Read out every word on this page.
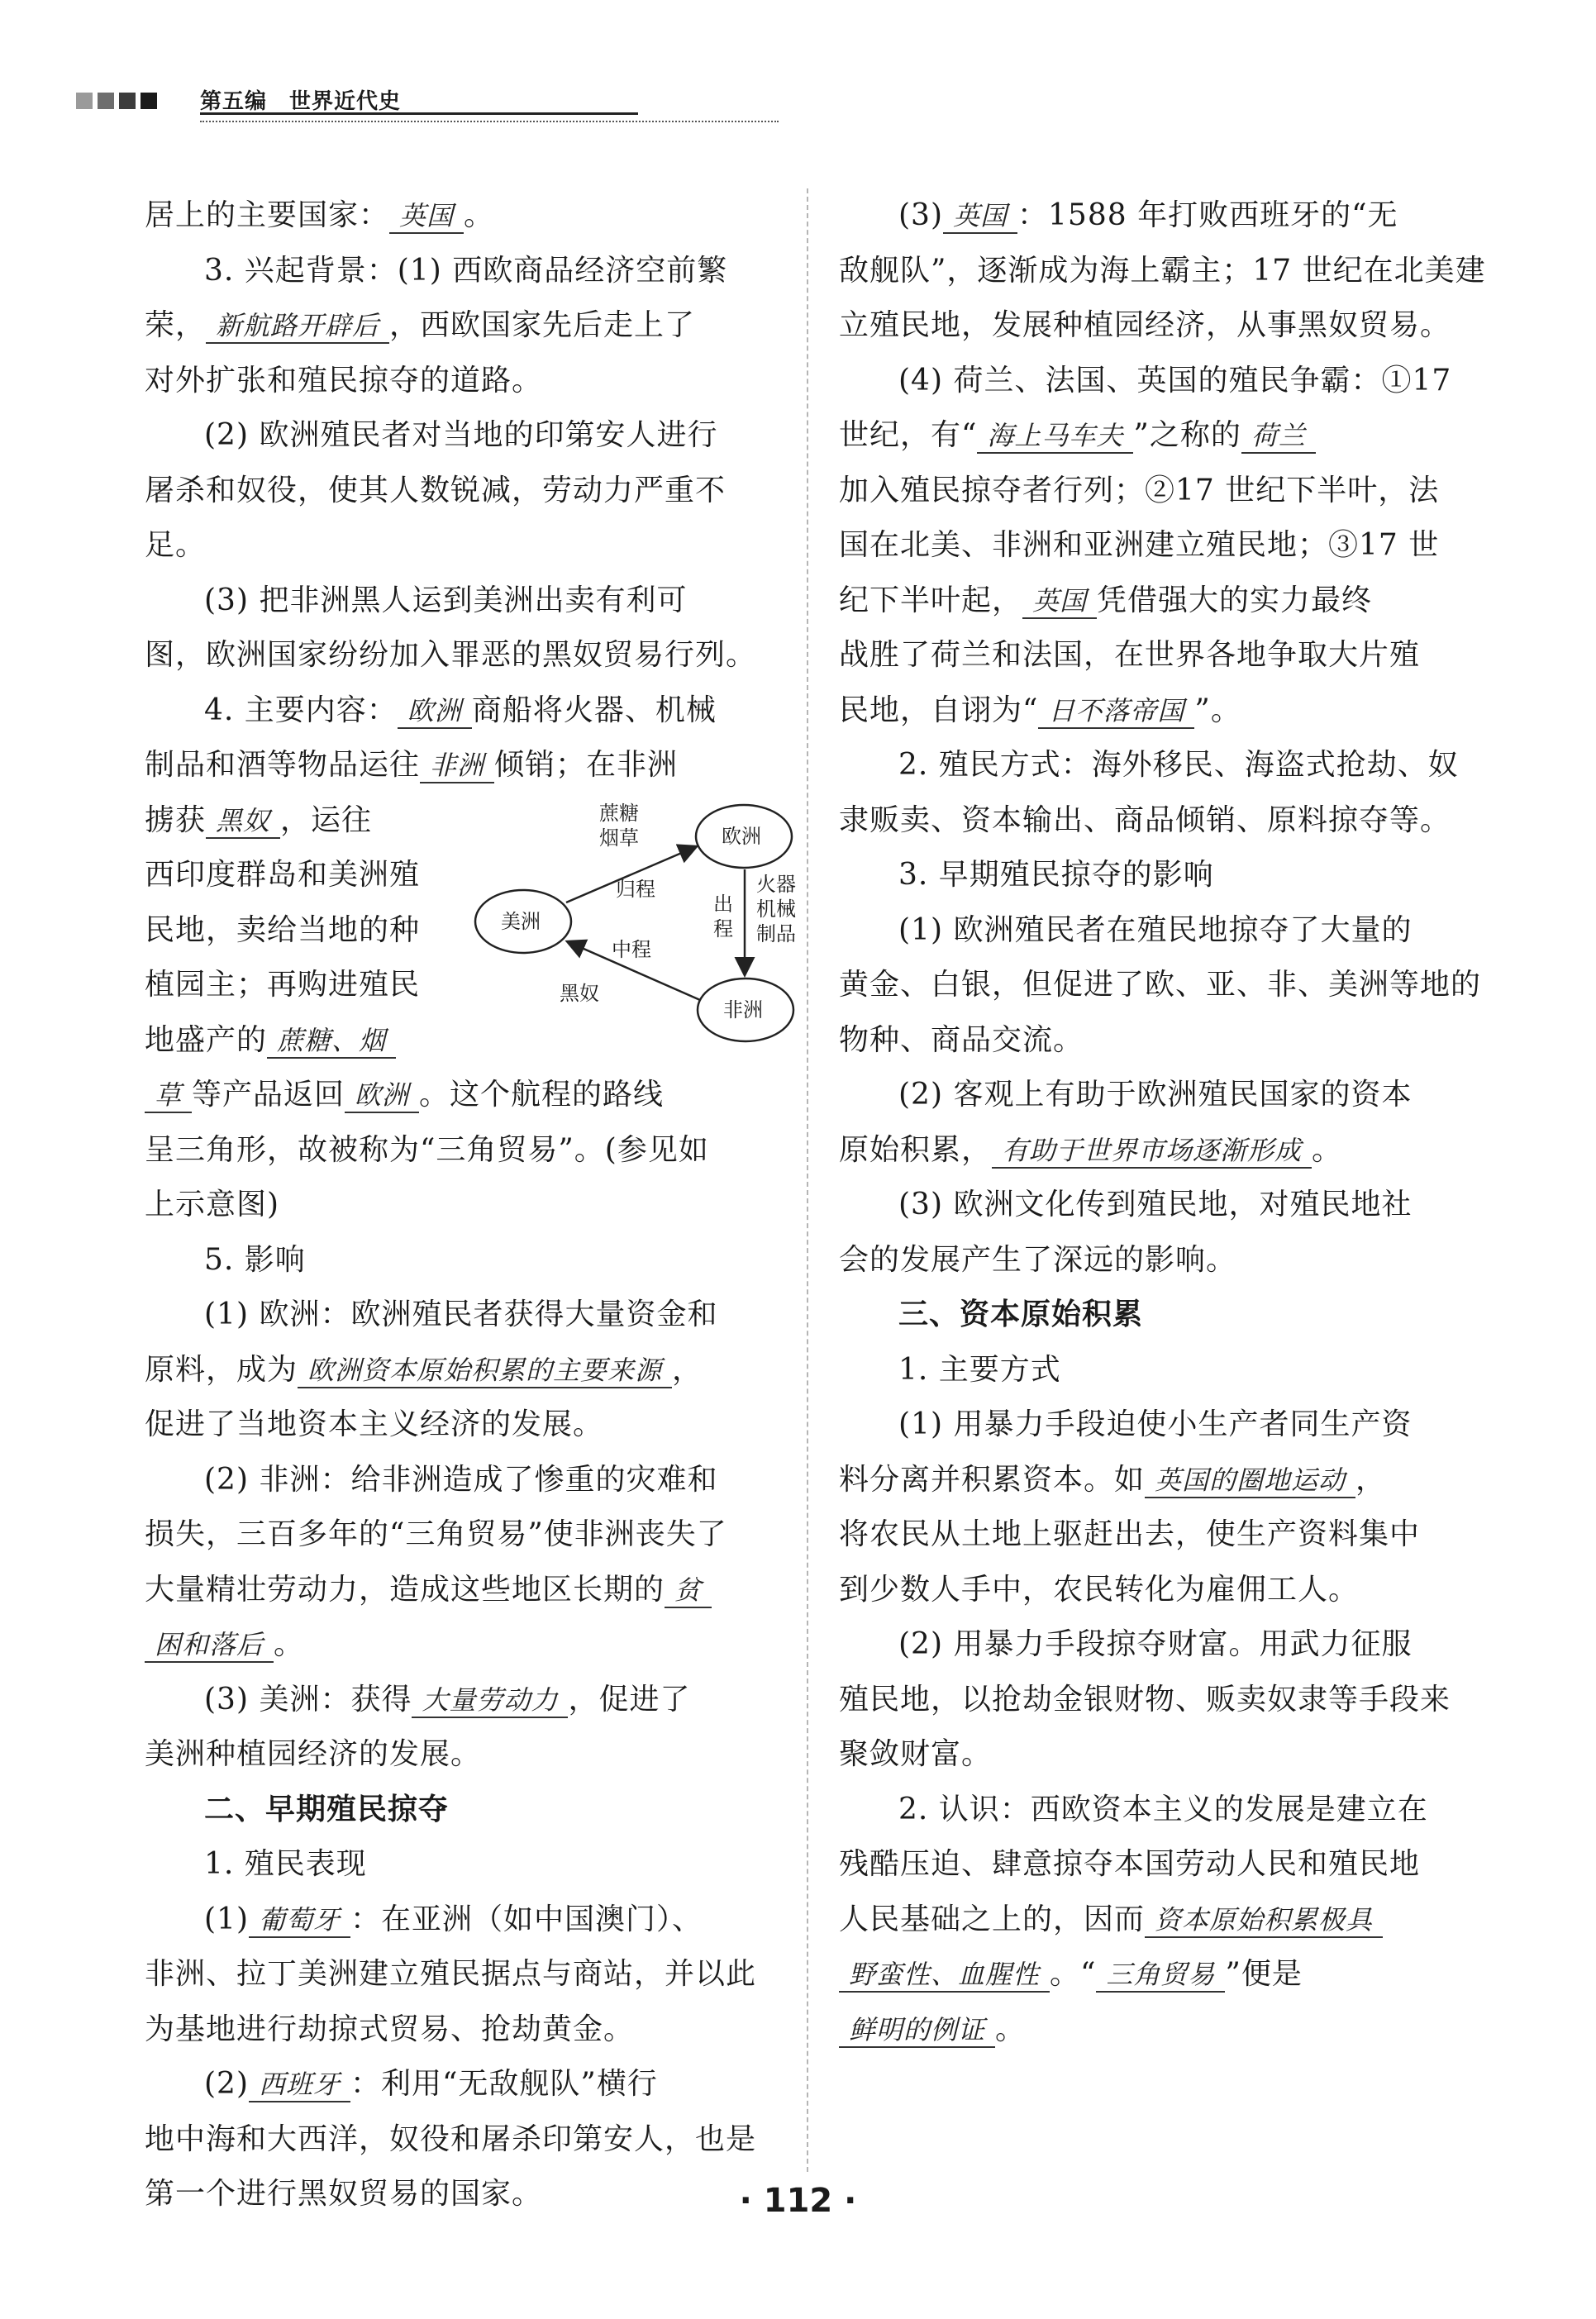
第五编　世界近代史

居上的主要国家： 英国 。

3. 兴起背景：(1) 西欧商品经济空前繁

荣， 新航路开辟后 ，西欧国家先后走上了

对外扩张和殖民掠夺的道路。

(2) 欧洲殖民者对当地的印第安人进行

屠杀和奴役，使其人数锐减，劳动力严重不足。

(3) 把非洲黑人运到美洲出卖有利可

图，欧洲国家纷纷加入罪恶的黑奴贸易行列。

4. 主要内容： 欧洲 商船将火器、机械

制品和酒等物品运往 非洲 倾销；在非洲

掳获 黑奴 ，运往

西印度群岛和美洲殖

民地，卖给当地的种

植园主；再购进殖民

地盛产的 蔗糖、烟

欧洲
美洲
非洲
蔗糖
烟草
归程
出
程
火器
机械
制品
中程
黑奴

草 等产品返回 欧洲 。这个航程的路线

呈三角形，故被称为“三角贸易”。(参见如

上示意图)

5. 影响

(1) 欧洲：欧洲殖民者获得大量资金和

原料，成为 欧洲资本原始积累的主要来源 ，

促进了当地资本主义经济的发展。

(2) 非洲：给非洲造成了惨重的灾难和

损失，三百多年的“三角贸易”使非洲丧失了

大量精壮劳动力，造成这些地区长期的 贫

困和落后 。

(3) 美洲：获得 大量劳动力 ，促进了

美洲种植园经济的发展。

二、早期殖民掠夺

1. 殖民表现

(1) 葡萄牙 ：在亚洲（如中国澳门）、

非洲、拉丁美洲建立殖民据点与商站，并以此

为基地进行劫掠式贸易、抢劫黄金。

(2) 西班牙 ：利用“无敌舰队”横行

地中海和大西洋，奴役和屠杀印第安人，也是

第一个进行黑奴贸易的国家。

(3) 英国 ：1588 年打败西班牙的“无

敌舰队”，逐渐成为海上霸主；17 世纪在北美建

立殖民地，发展种植园经济，从事黑奴贸易。

(4) 荷兰、法国、英国的殖民争霸：①17

世纪，有“ 海上马车夫 ”之称的 荷兰

加入殖民掠夺者行列；②17 世纪下半叶，法

国在北美、非洲和亚洲建立殖民地；③17 世

纪下半叶起， 英国 凭借强大的实力最终

战胜了荷兰和法国，在世界各地争取大片殖

民地，自诩为“ 日不落帝国 ”。

2. 殖民方式：海外移民、海盗式抢劫、奴

隶贩卖、资本输出、商品倾销、原料掠夺等。

3. 早期殖民掠夺的影响

(1) 欧洲殖民者在殖民地掠夺了大量的

黄金、白银，但促进了欧、亚、非、美洲等地的

物种、商品交流。

(2) 客观上有助于欧洲殖民国家的资本

原始积累， 有助于世界市场逐渐形成 。

(3) 欧洲文化传到殖民地，对殖民地社

会的发展产生了深远的影响。

三、资本原始积累

1. 主要方式

(1) 用暴力手段迫使小生产者同生产资

料分离并积累资本。如 英国的圈地运动 ，

将农民从土地上驱赶出去，使生产资料集中

到少数人手中，农民转化为雇佣工人。

(2) 用暴力手段掠夺财富。用武力征服

殖民地，以抢劫金银财物、贩卖奴隶等手段来

聚敛财富。

2. 认识：西欧资本主义的发展是建立在

残酷压迫、肆意掠夺本国劳动人民和殖民地

人民基础之上的，因而 资本原始积累极具

野蛮性、血腥性 。“ 三角贸易 ”便是

鲜明的例证 。

· 112 ·
